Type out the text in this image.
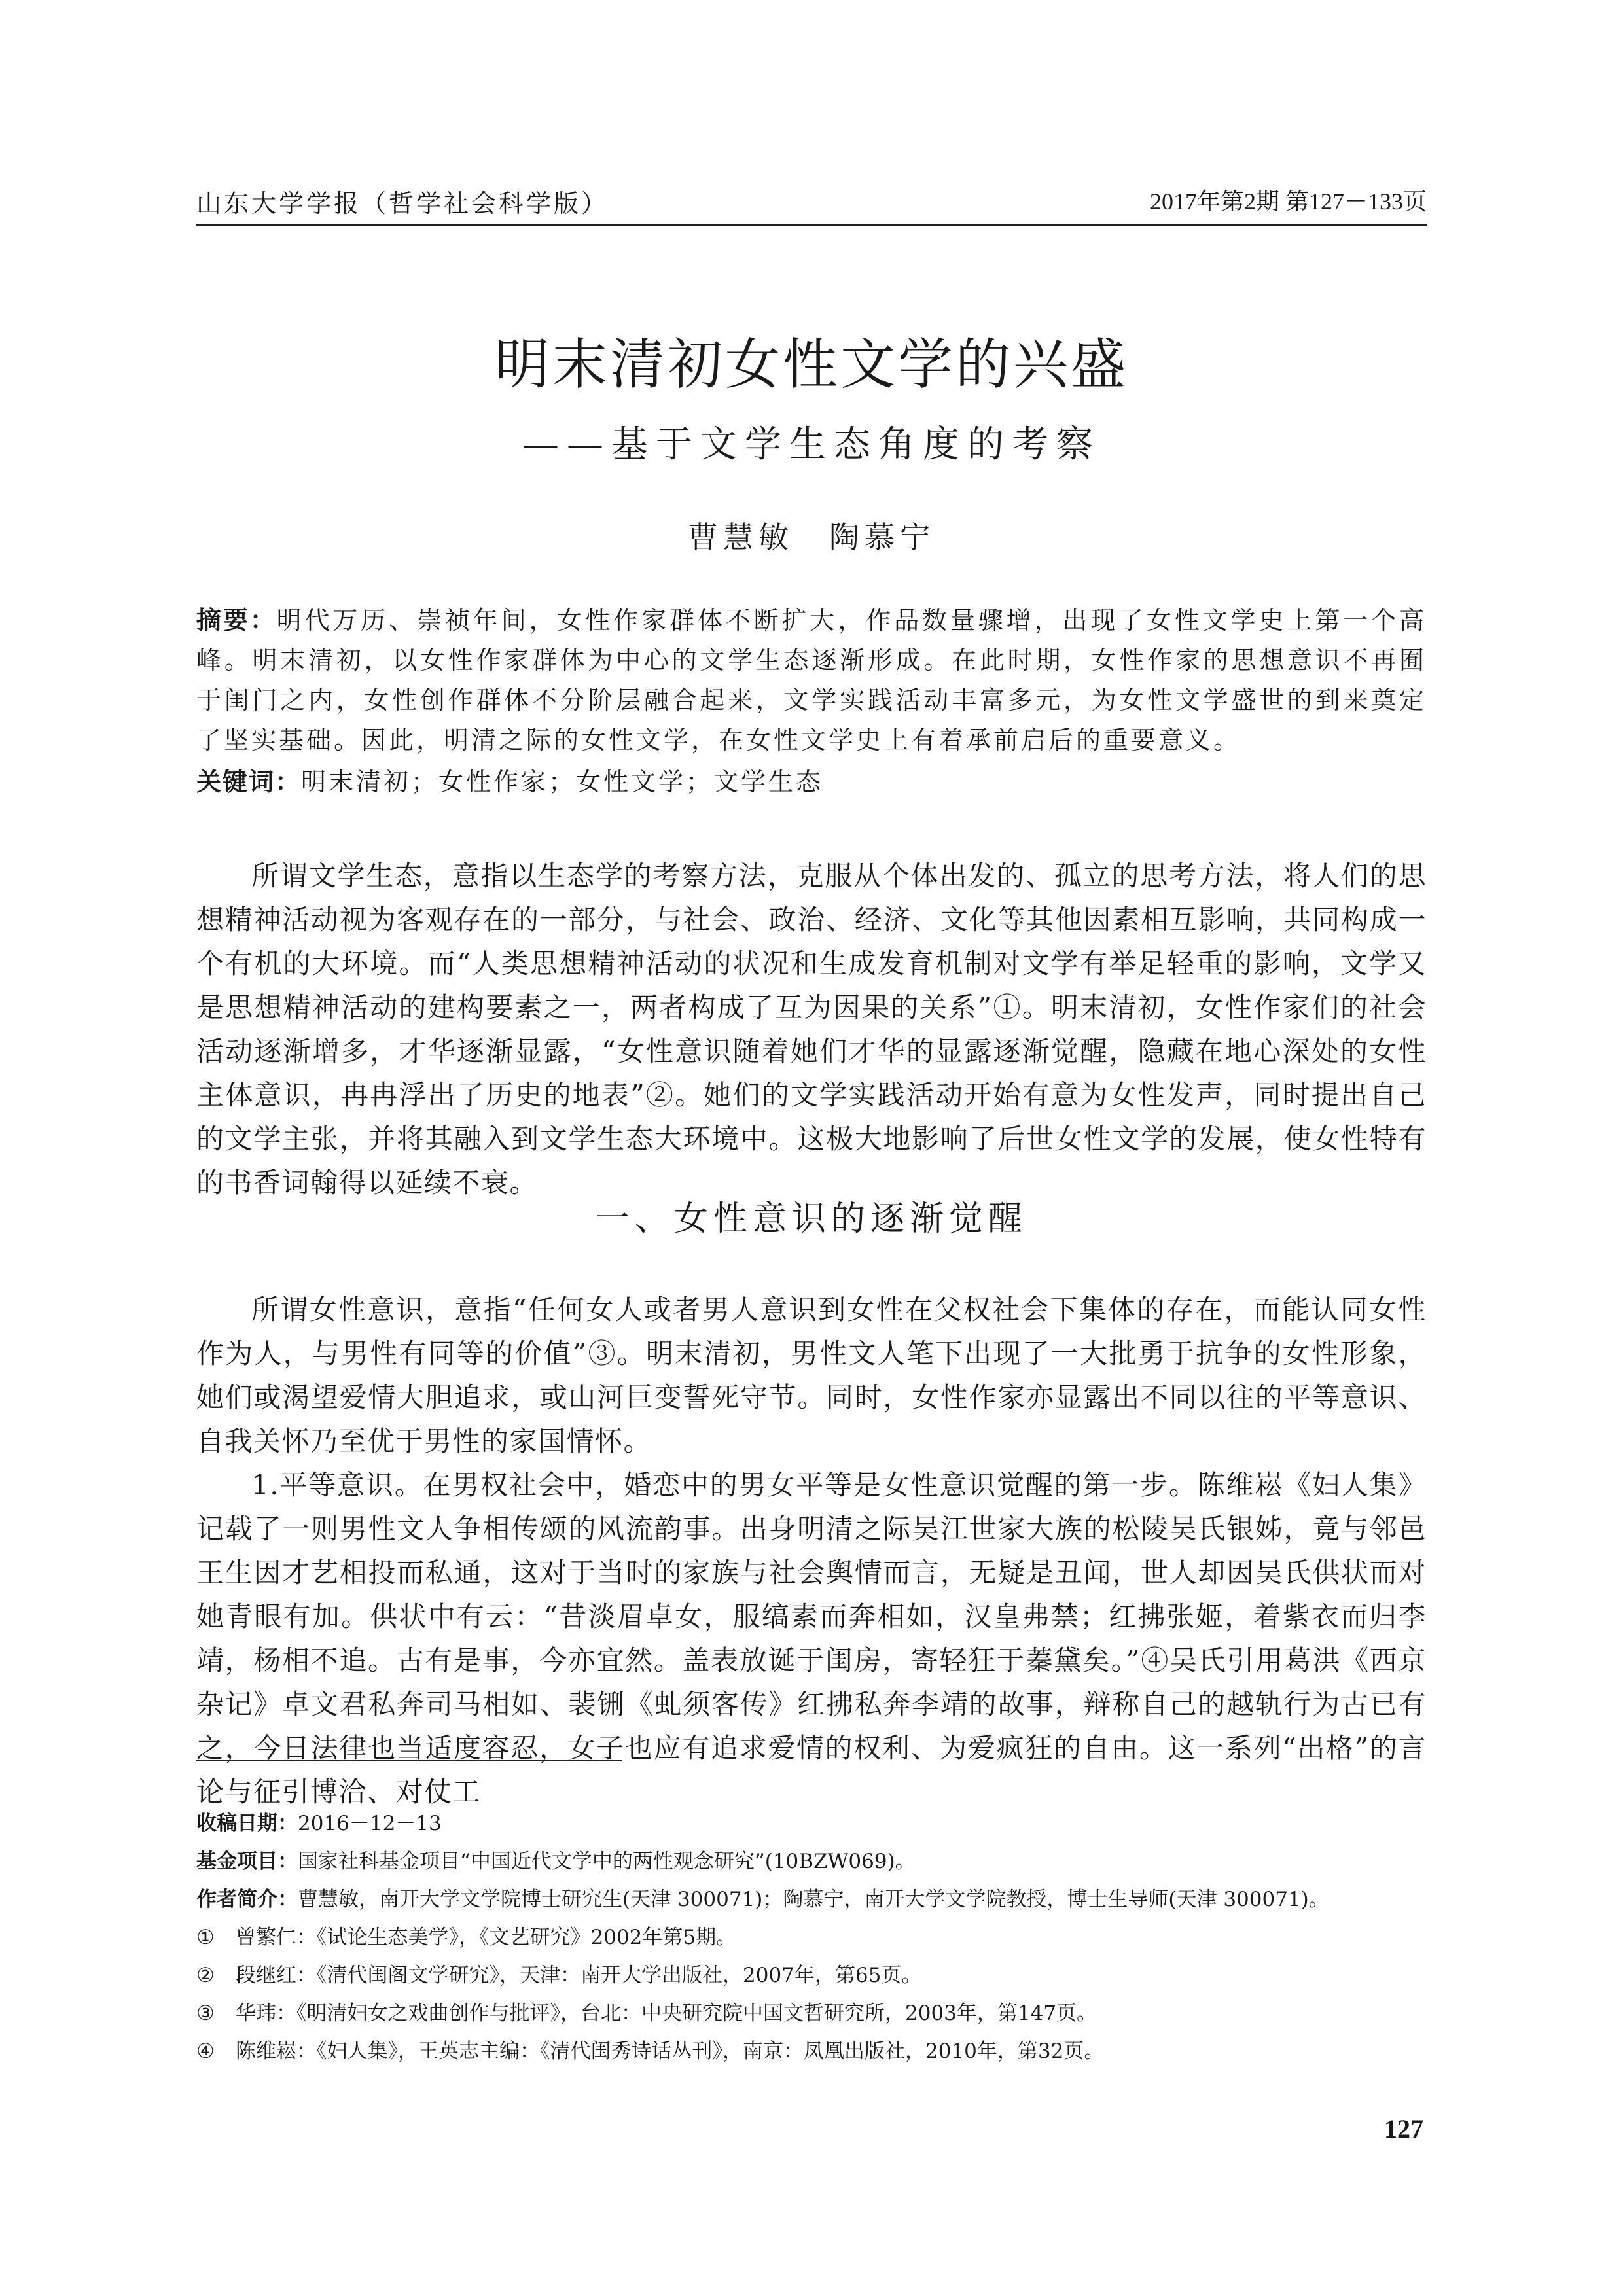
山东大学学报（哲学社会科学版）	2017年第2期 第127－133页
明末清初女性文学的兴盛
——基于文学生态角度的考察
曹慧敏　陶慕宁
摘要：明代万历、崇祯年间，女性作家群体不断扩大，作品数量骤增，出现了女性文学史上第一个高峰。明末清初，以女性作家群体为中心的文学生态逐渐形成。在此时期，女性作家的思想意识不再囿于闺门之内，女性创作群体不分阶层融合起来，文学实践活动丰富多元，为女性文学盛世的到来奠定了坚实基础。因此，明清之际的女性文学，在女性文学史上有着承前启后的重要意义。
关键词：明末清初；女性作家；女性文学；文学生态

所谓文学生态，意指以生态学的考察方法，克服从个体出发的、孤立的思考方法，将人们的思想精神活动视为客观存在的一部分，与社会、政治、经济、文化等其他因素相互影响，共同构成一个有机的大环境。而“人类思想精神活动的状况和生成发育机制对文学有举足轻重的影响，文学又是思想精神活动的建构要素之一，两者构成了互为因果的关系”①。明末清初，女性作家们的社会活动逐渐增多，才华逐渐显露，“女性意识随着她们才华的显露逐渐觉醒，隐藏在地心深处的女性主体意识，冉冉浮出了历史的地表”②。她们的文学实践活动开始有意为女性发声，同时提出自己的文学主张，并将其融入到文学生态大环境中。这极大地影响了后世女性文学的发展，使女性特有的书香词翰得以延续不衰。

一、女性意识的逐渐觉醒

所谓女性意识，意指“任何女人或者男人意识到女性在父权社会下集体的存在，而能认同女性作为人，与男性有同等的价值”③。明末清初，男性文人笔下出现了一大批勇于抗争的女性形象，她们或渴望爱情大胆追求，或山河巨变誓死守节。同时，女性作家亦显露出不同以往的平等意识、自我关怀乃至优于男性的家国情怀。

1.平等意识。在男权社会中，婚恋中的男女平等是女性意识觉醒的第一步。陈维崧《妇人集》记载了一则男性文人争相传颂的风流韵事。出身明清之际吴江世家大族的松陵吴氏银姊，竟与邻邑王生因才艺相投而私通，这对于当时的家族与社会舆情而言，无疑是丑闻，世人却因吴氏供状而对她青眼有加。供状中有云：“昔淡眉卓女，服缟素而奔相如，汉皇弗禁；红拂张姬，着紫衣而归李靖，杨相不追。古有是事，今亦宜然。盖表放诞于闺房，寄轻狂于蓁黛矣。”④吴氏引用葛洪《西京杂记》卓文君私奔司马相如、裴铏《虬须客传》红拂私奔李靖的故事，辩称自己的越轨行为古已有之，今日法律也当适度容忍，女子也应有追求爱情的权利、为爱疯狂的自由。这一系列“出格”的言论与征引博洽、对仗工

收稿日期：2016－12－13
基金项目：国家社科基金项目“中国近代文学中的两性观念研究”(10BZW069)。
作者简介：曹慧敏，南开大学文学院博士研究生(天津 300071)；陶慕宁，南开大学文学院教授，博士生导师(天津 300071)。
① 曾繁仁：《试论生态美学》，《文艺研究》2002年第5期。
② 段继红：《清代闺阁文学研究》，天津：南开大学出版社，2007年，第65页。
③ 华玮：《明清妇女之戏曲创作与批评》，台北：中央研究院中国文哲研究所，2003年，第147页。
④ 陈维崧：《妇人集》，王英志主编：《清代闺秀诗话丛刊》，南京：凤凰出版社，2010年，第32页。
127
